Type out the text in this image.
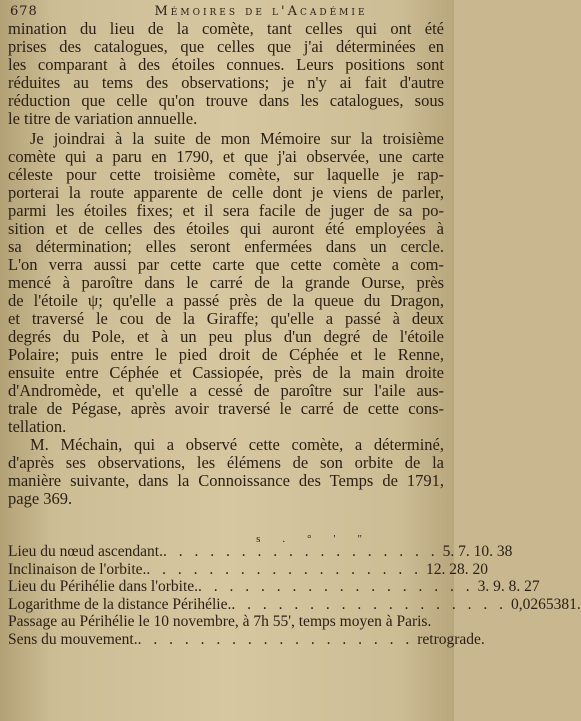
678	Mémoires de l'Académie

mination du lieu de la comète, tant celles qui ont été
prises des catalogues, que celles que j'ai déterminées en
les comparant à des étoiles connues. Leurs positions sont
réduites au tems des observations; je n'y ai fait d'autre
réduction que celle qu'on trouve dans les catalogues, sous
le titre de variation annuelle.

Je joindrai à la suite de mon Mémoire sur la troisième
comète qui a paru en 1790, et que j'ai observée, une carte
céleste pour cette troisième comète, sur laquelle je rap-
porterai la route apparente de celle dont je viens de parler,
parmi les étoiles fixes; et il sera facile de juger de sa po-
sition et de celles des étoiles qui auront été employées à
sa détermination; elles seront enfermées dans un cercle.
L'on verra aussi par cette carte que cette comète a com-
mencé à paroître dans le carré de la grande Ourse, près
de l'étoile ψ; qu'elle a passé près de la queue du Dragon,
et traversé le cou de la Giraffe; qu'elle a passé à deux
degrés du Pole, et à un peu plus d'un degré de l'étoile
Polaire; puis entre le pied droit de Céphée et le Renne,
ensuite entre Céphée et Cassiopée, près de la main droite
d'Andromède, et qu'elle a cessé de paroître sur l'aile aus-
trale de Pégase, après avoir traversé le carré de cette cons-
tellation.

M. Méchain, qui a observé cette comète, a déterminé,
d'après ses observations, les élémens de son orbite de la
manière suivante, dans la Connoissance des Temps de 1791,
page 369.

s. ° ' "
Lieu du nœud ascendant. . . . . . . . . . . . . . . . . . . 5. 7. 10. 38
Inclinaison de l'orbite. . . . . . . . . . . . . . . . . . . 12. 28. 20
Lieu du Périhélie dans l'orbite. . . . . . . . . . . . . . . . . . . 3. 9. 8. 27
Logarithme de la distance Périhélie. . . . . . . . . . . . . . . . . . . 0,0265381.
Passage au Périhélie le 10 novembre, à 7h 55', temps moyen à Paris.
Sens du mouvement. . . . . . . . . . . . . . . . . . . retrograde.
